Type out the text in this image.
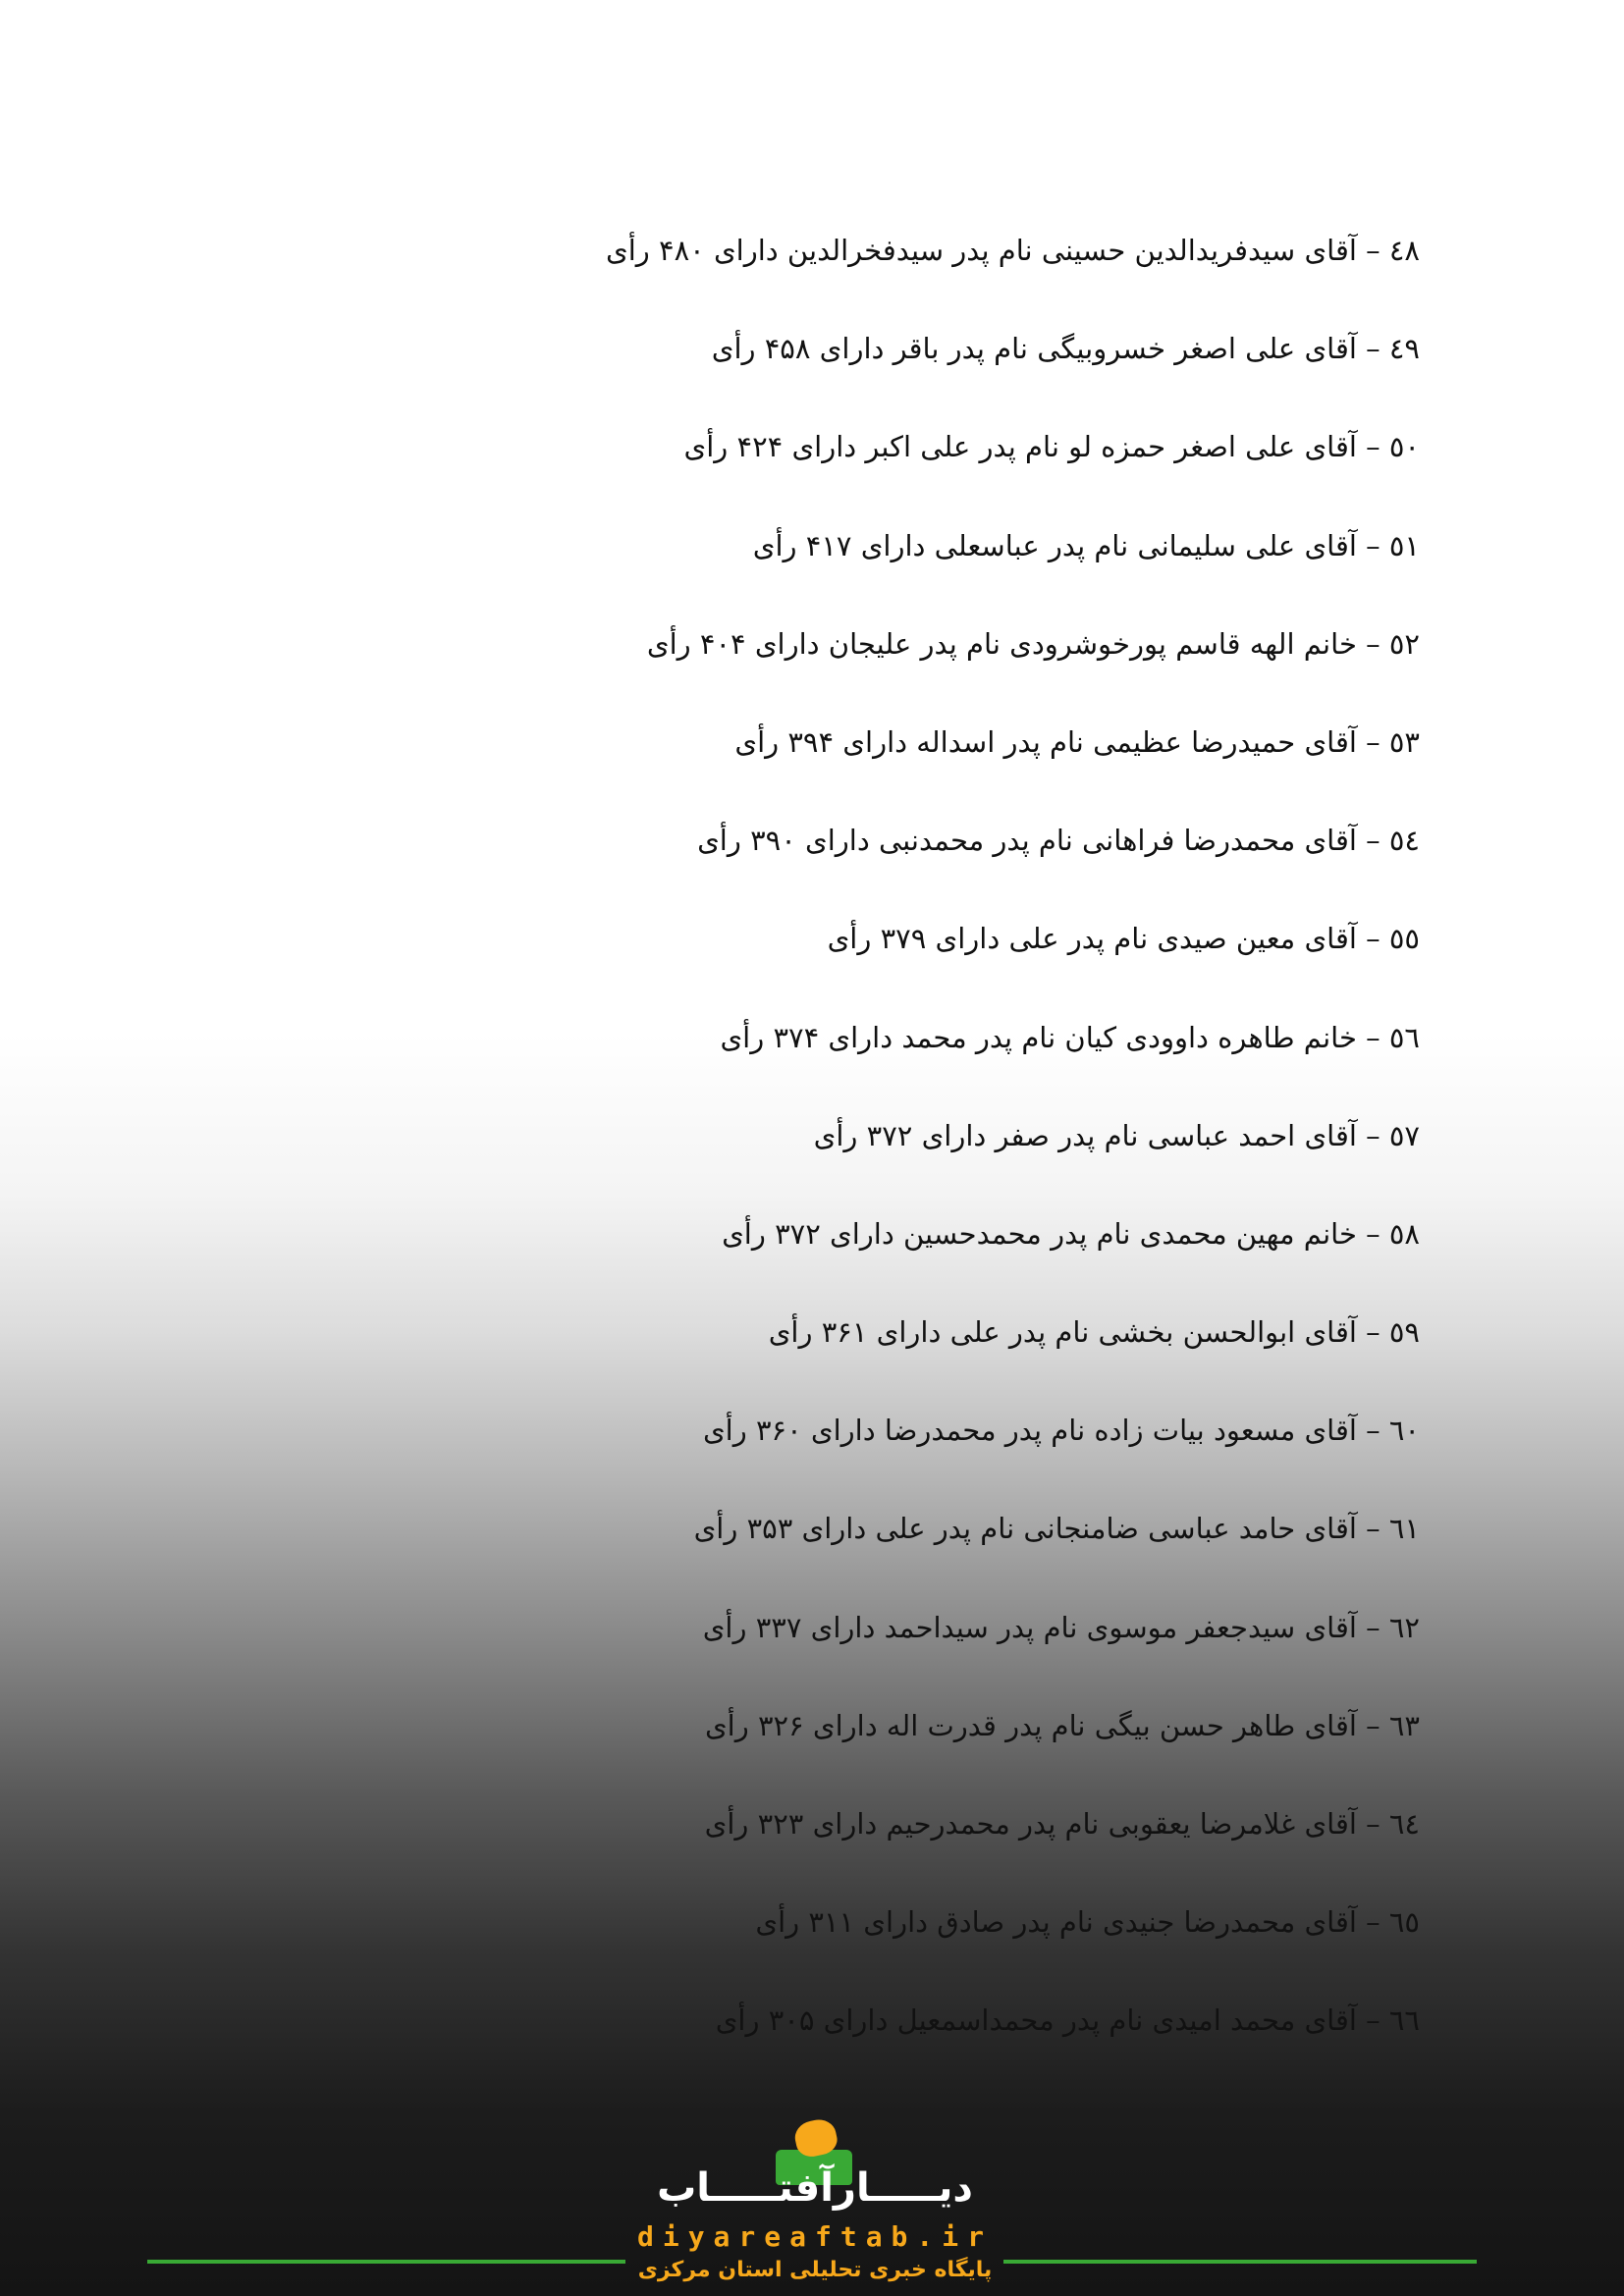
٤٨ – آقای سیدفریدالدین حسینی نام پدر سیدفخرالدین دارای ۴۸۰ رأی
٤٩ – آقای علی اصغر خسروبیگی نام پدر باقر دارای ۴۵۸ رأی
٥٠ – آقای علی اصغر حمزه لو نام پدر علی اکبر دارای ۴۲۴ رأی
٥١ – آقای علی سلیمانی نام پدر عباسعلی دارای ۴۱۷ رأی
٥٢ – خانم الهه قاسم پورخوشرودی نام پدر علیجان دارای ۴۰۴ رأی
٥٣ – آقای حمیدرضا عظیمی نام پدر اسداله دارای ۳۹۴ رأی
٥٤ – آقای محمدرضا فراهانی نام پدر محمدنبی دارای ۳۹۰ رأی
٥٥ – آقای معین صیدی نام پدر علی دارای ۳۷۹ رأی
٥٦ – خانم طاهره داوودی کیان نام پدر محمد دارای ۳۷۴ رأی
٥٧ – آقای احمد عباسی نام پدر صفر دارای ۳۷۲ رأی
٥٨ – خانم مهین محمدی نام پدر محمدحسین دارای ۳۷۲ رأی
٥٩ – آقای ابوالحسن بخشی نام پدر علی دارای ۳۶۱ رأی
٦٠ – آقای مسعود بیات زاده نام پدر محمدرضا دارای ۳۶۰ رأی
٦١ – آقای حامد عباسی ضامنجانی نام پدر علی دارای ۳۵۳ رأی
٦٢ – آقای سیدجعفر موسوی نام پدر سیداحمد دارای ۳۳۷ رأی
٦٣ – آقای طاهر حسن بیگی نام پدر قدرت اله دارای ۳۲۶ رأی
٦٤ – آقای غلامرضا یعقوبی نام پدر محمدرحیم دارای ۳۲۳ رأی
٦٥ – آقای محمدرضا جنیدی نام پدر صادق دارای ۳۱۱ رأی
٦٦ – آقای محمد امیدی نام پدر محمداسمعیل دارای ۳۰۵ رأی
دیـــــارآفتـــــاب
diyareaftab.ir
پایگاه خبری تحلیلی استان مرکزی
